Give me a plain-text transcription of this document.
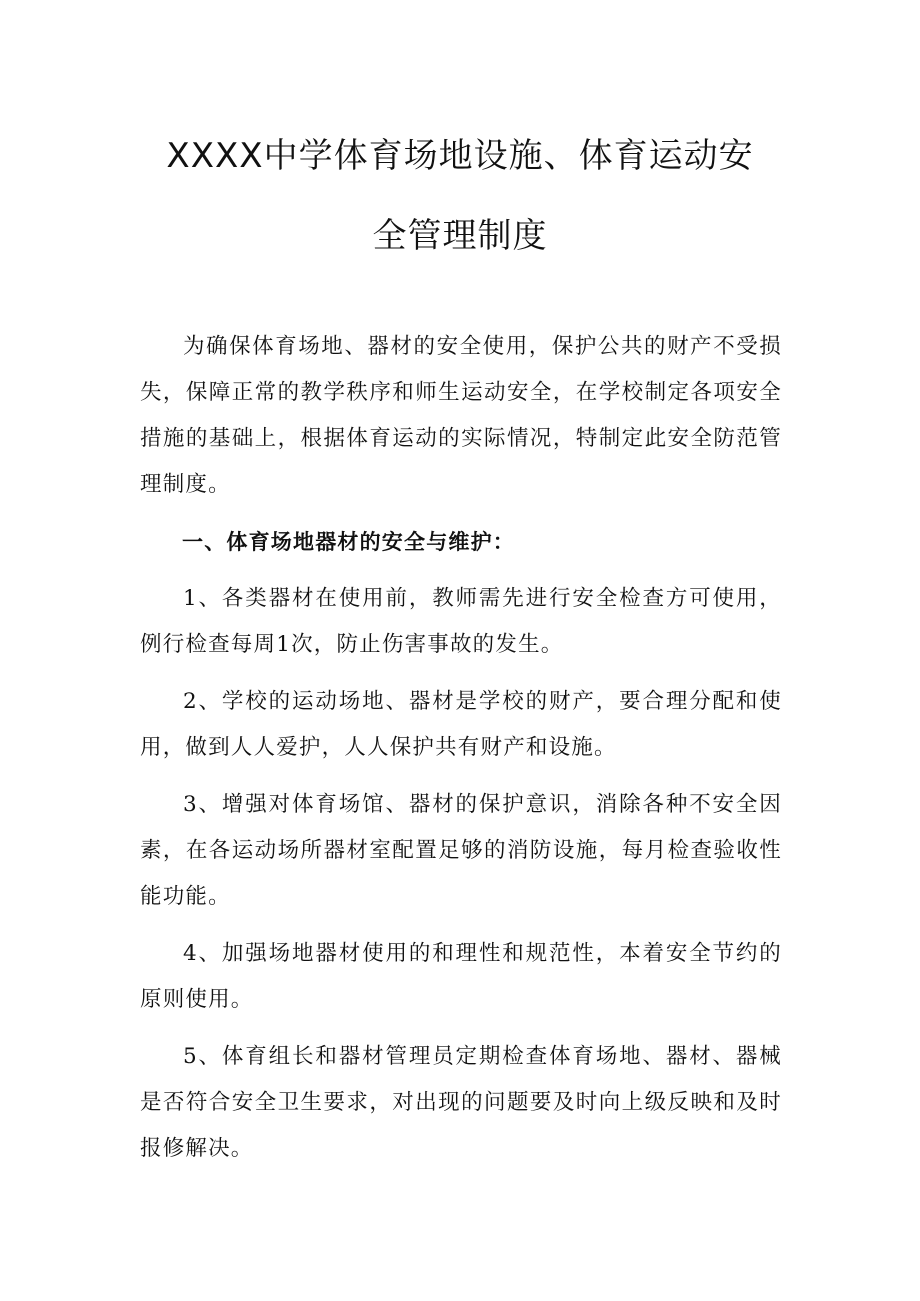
XXXX中学体育场地设施、体育运动安
全管理制度

为确保体育场地、器材的安全使用，保护公共的财产不受损失，保障正常的教学秩序和师生运动安全，在学校制定各项安全措施的基础上，根据体育运动的实际情况，特制定此安全防范管理制度。

一、体育场地器材的安全与维护：

1、各类器材在使用前，教师需先进行安全检查方可使用，例行检查每周1次，防止伤害事故的发生。

2、学校的运动场地、器材是学校的财产，要合理分配和使用，做到人人爱护，人人保护共有财产和设施。

3、增强对体育场馆、器材的保护意识，消除各种不安全因素，在各运动场所器材室配置足够的消防设施，每月检查验收性能功能。

4、加强场地器材使用的和理性和规范性，本着安全节约的原则使用。

5、体育组长和器材管理员定期检查体育场地、器材、器械是否符合安全卫生要求，对出现的问题要及时向上级反映和及时报修解决。
